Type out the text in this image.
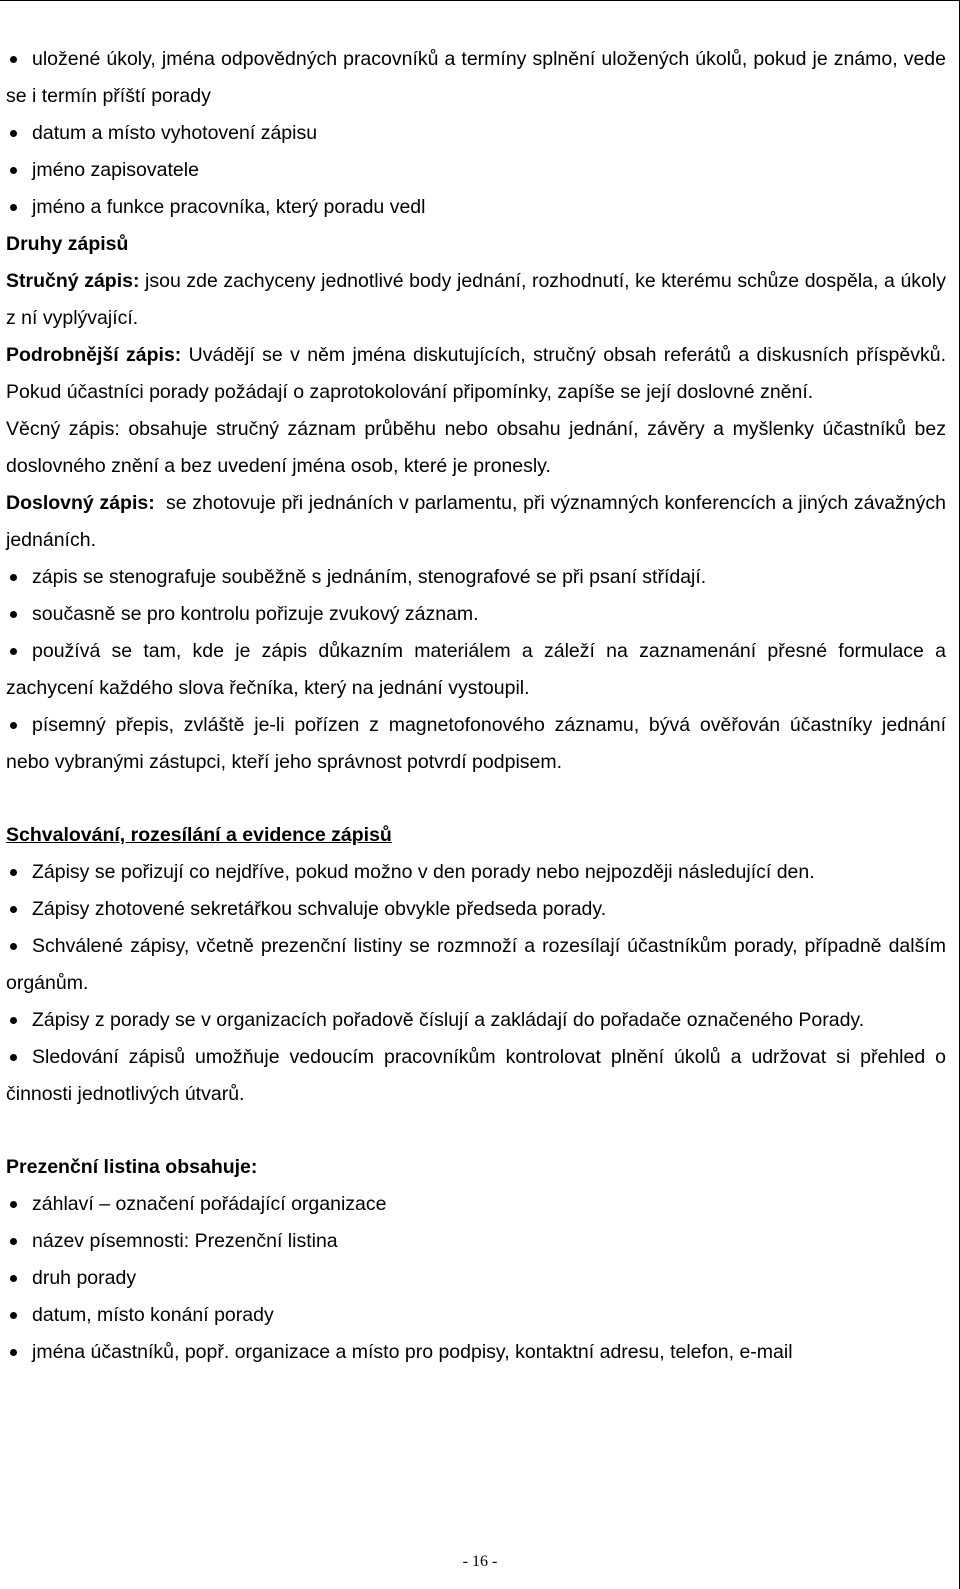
uložené úkoly, jména odpovědných pracovníků a termíny splnění uložených úkolů, pokud je známo, vede se i termín příští porady
datum a místo vyhotovení zápisu
jméno zapisovatele
jméno a funkce pracovníka, který poradu vedl
Druhy zápisů
Stručný zápis: jsou zde zachyceny jednotlivé body jednání, rozhodnutí, ke kterému schůze dospěla, a úkoly z ní vyplývající.
Podrobnější zápis: Uvádějí se v něm jména diskutujících, stručný obsah referátů a diskusních příspěvků. Pokud účastníci porady požádají o zaprotokolování připomínky, zapíše se její doslovné znění.
Věcný zápis: obsahuje stručný záznam průběhu nebo obsahu jednání, závěry a myšlenky účastníků bez doslovného znění a bez uvedení jména osob, které je pronesly.
Doslovný zápis:  se zhotovuje při jednáních v parlamentu, při významných konferencích a jiných závažných jednáních.
zápis se stenografuje souběžně s jednáním, stenografové se při psaní střídají.
současně se pro kontrolu pořizuje zvukový záznam.
používá se tam, kde je zápis důkazním materiálem a záleží na zaznamenání přesné formulace a zachycení každého slova řečníka, který na jednání vystoupil.
písemný přepis, zvláště je-li pořízen z magnetofonového záznamu, bývá ověřován účastníky jednání nebo vybranými zástupci, kteří jeho správnost potvrdí podpisem.
Schvalování, rozesílání a evidence zápisů
Zápisy se pořizují co nejdříve, pokud možno v den porady nebo nejpozději následující den.
Zápisy zhotovené sekretářkou schvaluje obvykle předseda porady.
Schválené zápisy, včetně prezenční listiny se rozmnoží a rozesílají účastníkům porady, případně dalším orgánům.
Zápisy z porady se v organizacích pořadově číslují a zakládají do pořadače označeného Porady.
Sledování zápisů umožňuje vedoucím pracovníkům kontrolovat plnění úkolů a udržovat si přehled o činnosti jednotlivých útvarů.
Prezenční listina obsahuje:
záhlaví – označení pořádající organizace
název písemnosti: Prezenční listina
druh porady
datum, místo konání porady
jména účastníků, popř. organizace a místo pro podpisy, kontaktní adresu, telefon, e-mail
- 16 -
